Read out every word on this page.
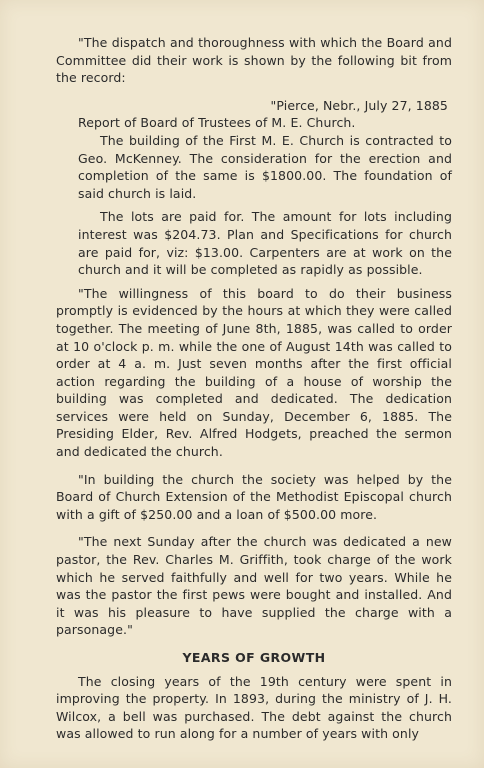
"The dispatch and thoroughness with which the Board and Committee did their work is shown by the following bit from the record:

"Pierce, Nebr., July 27, 1885
Report of Board of Trustees of M. E. Church.

The building of the First M. E. Church is contracted to Geo. McKenney. The consideration for the erection and completion of the same is $1800.00. The foundation of said church is laid.

The lots are paid for. The amount for lots including interest was $204.73. Plan and Specifications for church are paid for, viz: $13.00. Carpenters are at work on the church and it will be completed as rapidly as possible.

"The willingness of this board to do their business promptly is evidenced by the hours at which they were called together. The meeting of June 8th, 1885, was called to order at 10 o'clock p. m. while the one of August 14th was called to order at 4 a. m. Just seven months after the first official action regarding the building of a house of worship the building was completed and dedicated. The dedication services were held on Sunday, December 6, 1885. The Presiding Elder, Rev. Alfred Hodgets, preached the sermon and dedicated the church.

"In building the church the society was helped by the Board of Church Extension of the Methodist Episcopal church with a gift of $250.00 and a loan of $500.00 more.

"The next Sunday after the church was dedicated a new pastor, the Rev. Charles M. Griffith, took charge of the work which he served faithfully and well for two years. While he was the pastor the first pews were bought and installed. And it was his pleasure to have supplied the charge with a parsonage."

YEARS OF GROWTH

The closing years of the 19th century were spent in improving the property. In 1893, during the ministry of J. H. Wilcox, a bell was purchased. The debt against the church was allowed to run along for a number of years with only
